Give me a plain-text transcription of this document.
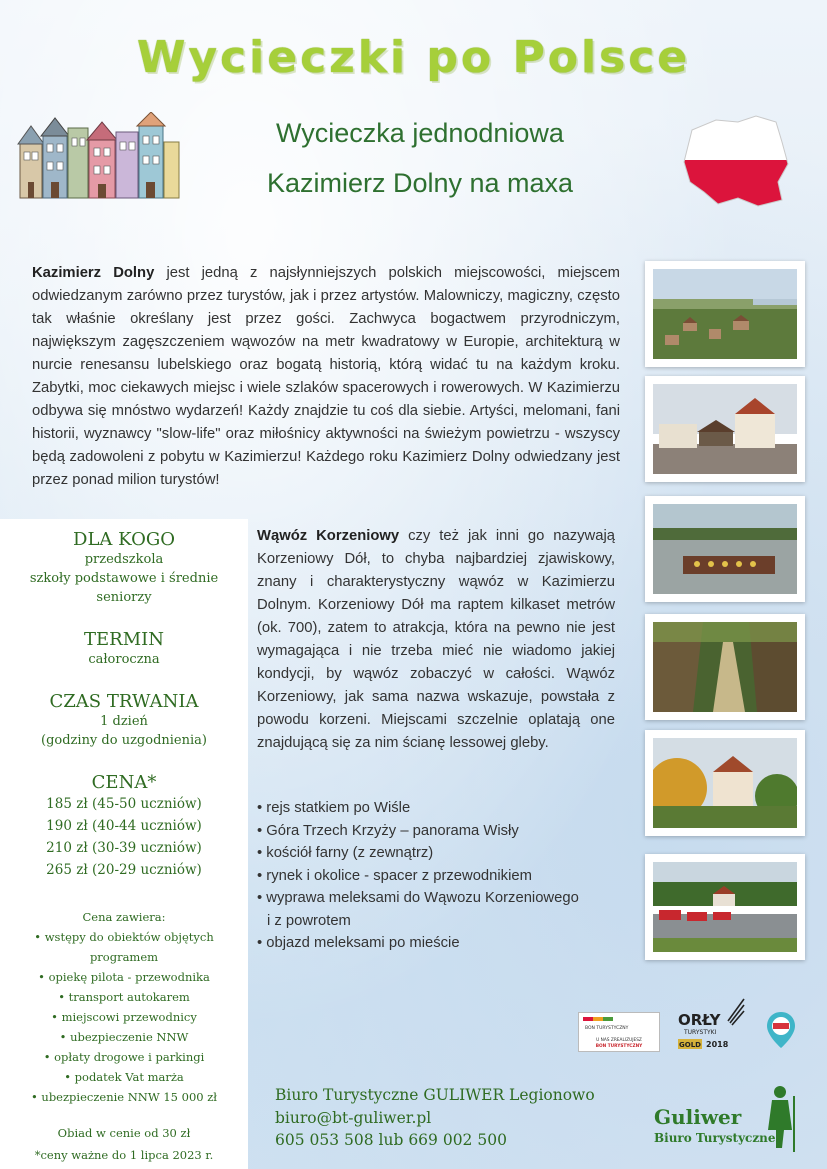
Wycieczki po Polsce

Wycieczka jednodniowa

Kazimierz Dolny na maxa

Kazimierz Dolny jest jedną z najsłynniejszych polskich miejscowości, miejscem odwiedzanym zarówno przez turystów, jak i przez artystów. Malowniczy, magiczny, często tak właśnie określany jest przez gości. Zachwyca bogactwem przyrodniczym, największym zagęszczeniem wąwozów na metr kwadratowy w Europie, architekturą w nurcie renesansu lubelskiego oraz bogatą historią, którą widać tu na każdym kroku. Zabytki, moc ciekawych miejsc i wiele szlaków spacerowych i rowerowych. W Kazimierzu odbywa się mnóstwo wydarzeń! Każdy znajdzie tu coś dla siebie. Artyści, melomani, fani historii, wyznawcy "slow-life" oraz miłośnicy aktywności na świeżym powietrzu - wszyscy będą zadowoleni z pobytu w Kazimierzu! Każdego roku Kazimierz Dolny odwiedzany jest przez ponad milion turystów!

DLA KOGO
przedszkola
szkoły podstawowe i średnie
seniorzy
TERMIN
całoroczna
CZAS TRWANIA
1 dzień
(godziny do uzgodnienia)
CENA*
185 zł (45-50 uczniów)
190 zł (40-44 uczniów)
210 zł (30-39 uczniów)
265 zł (20-29 uczniów)
Cena zawiera:
• wstępy do obiektów objętych
programem
• opiekę pilota - przewodnika
• transport autokarem
• miejscowi przewodnicy
• ubezpieczenie NNW
• opłaty drogowe i parkingi
• podatek Vat marża
• ubezpieczenie NNW 15 000 zł
Obiad w cenie od 30 zł
*ceny ważne do 1 lipca 2023 r.

Wąwóz Korzeniowy czy też jak inni go nazywają Korzeniowy Dół, to chyba najbardziej zjawiskowy, znany i charakterystyczny wąwóz w Kazimierzu Dolnym. Korzeniowy Dół ma raptem kilkaset metrów (ok. 700), zatem to atrakcja, która na pewno nie jest wymagająca i nie trzeba mieć nie wiadomo jakiej kondycji, by wąwóz zobaczyć w całości. Wąwóz Korzeniowy, jak sama nazwa wskazuje, powstała z powodu korzeni. Miejscami szczelnie oplatają one znajdującą się za nim ścianę lessowej gleby.

• rejs statkiem po Wiśle
• Góra Trzech Krzyży – panorama Wisły
• kościół farny (z zewnątrz)
• rynek i okolice - spacer z przewodnikiem
• wyprawa meleksami do Wąwozu Korzeniowego
i z powrotem
• objazd meleksami po mieście
Biuro Turystyczne GULIWER Legionowo
biuro@bt-guliwer.pl
605 053 508 lub 669 002 500
BON TURYSTYCZNY
U NAS ZREALIZUJESZ
BON TURYSTYCZNY
ORŁY
TURYSTYKI
GOLD 2018
Guliwer
Biuro Turystyczne
